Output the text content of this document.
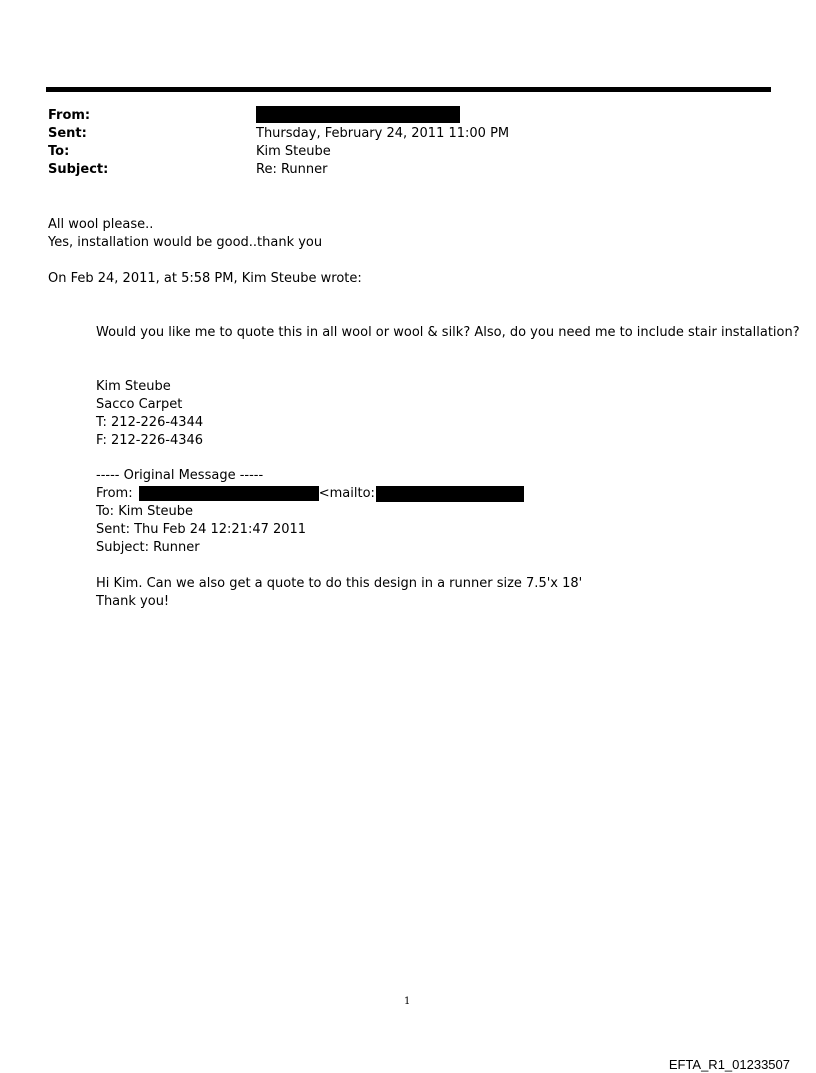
From:
Sent:	Thursday, February 24, 2011 11:00 PM
To:	Kim Steube
Subject:	Re: Runner
All wool please..
Yes, installation would be good..thank you
On Feb 24, 2011, at 5:58 PM, Kim Steube wrote:
Would you like me to quote this in all wool or wool & silk? Also, do you need me to include stair installation?
Kim Steube
Sacco Carpet
T: 212-226-4344
F: 212-226-4346
----- Original Message -----
From:	<mailto:
To: Kim Steube
Sent: Thu Feb 24 12:21:47 2011
Subject: Runner
Hi Kim. Can we also get a quote to do this design in a runner size 7.5'x 18'
Thank you!
1
EFTA_R1_01233507
